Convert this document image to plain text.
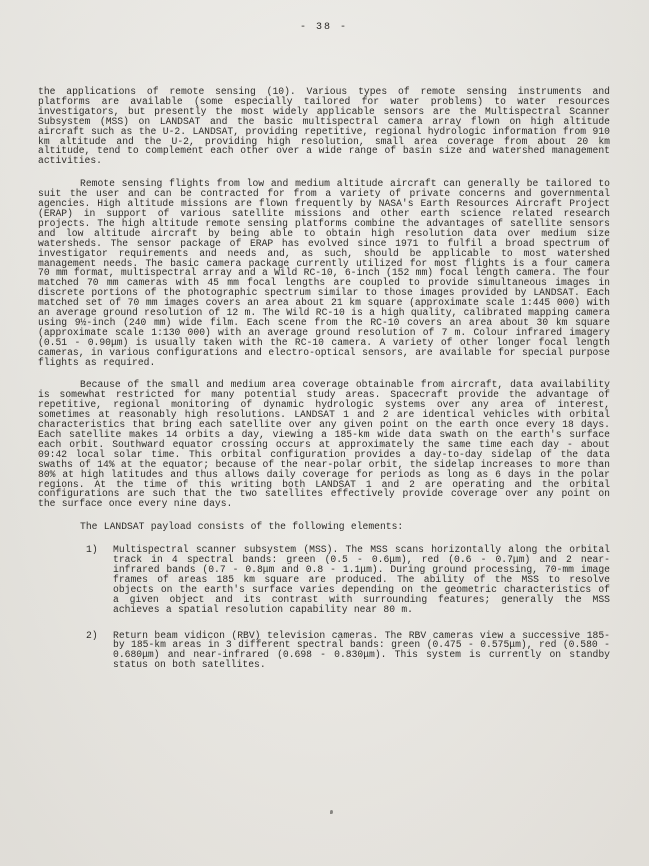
- 38 -

the applications of remote sensing (10). Various types of remote sensing instruments and platforms are available (some especially tailored for water problems) to water resources investigators, but presently the most widely applicable sensors are the Multispectral Scanner Subsystem (MSS) on LANDSAT and the basic multispectral camera array flown on high altitude aircraft such as the U-2. LANDSAT, providing repetitive, regional hydrologic information from 910 km altitude and the U-2, providing high resolution, small area coverage from about 20 km altitude, tend to complement each other over a wide range of basin size and watershed management activities.

Remote sensing flights from low and medium altitude aircraft can generally be tailored to suit the user and can be contracted for from a variety of private concerns and governmental agencies. High altitude missions are flown frequently by NASA's Earth Resources Aircraft Project (ERAP) in support of various satellite missions and other earth science related research projects. The high altitude remote sensing platforms combine the advantages of satellite sensors and low altitude aircraft by being able to obtain high resolution data over medium size watersheds. The sensor package of ERAP has evolved since 1971 to fulfil a broad spectrum of investigator requirements and needs and, as such, should be applicable to most watershed management needs. The basic camera package currently utilized for most flights is a four camera 70 mm format, multispectral array and a Wild RC-10, 6-inch (152 mm) focal length camera. The four matched 70 mm cameras with 45 mm focal lengths are coupled to provide simultaneous images in discrete portions of the photographic spectrum similar to those images provided by LANDSAT. Each matched set of 70 mm images covers an area about 21 km square (approximate scale 1:445 000) with an average ground resolution of 12 m. The Wild RC-10 is a high quality, calibrated mapping camera using 9½-inch (240 mm) wide film. Each scene from the RC-10 covers an area about 30 km square (approximate scale 1:130 000) with an average ground resolution of 7 m. Colour infrared imagery (0.51 - 0.90μm) is usually taken with the RC-10 camera. A variety of other longer focal length cameras, in various configurations and electro-optical sensors, are available for special purpose flights as required.

Because of the small and medium area coverage obtainable from aircraft, data availability is somewhat restricted for many potential study areas. Spacecraft provide the advantage of repetitive, regional monitoring of dynamic hydrologic systems over any area of interest, sometimes at reasonably high resolutions. LANDSAT 1 and 2 are identical vehicles with orbital characteristics that bring each satellite over any given point on the earth once every 18 days. Each satellite makes 14 orbits a day, viewing a 185-km wide data swath on the earth's surface each orbit. Southward equator crossing occurs at approximately the same time each day - about 09:42 local solar time. This orbital configuration provides a day-to-day sidelap of the data swaths of 14% at the equator; because of the near-polar orbit, the sidelap increases to more than 80% at high latitudes and thus allows daily coverage for periods as long as 6 days in the polar regions. At the time of this writing both LANDSAT 1 and 2 are operating and the orbital configurations are such that the two satellites effectively provide coverage over any point on the surface once every nine days.

The LANDSAT payload consists of the following elements:

1)	Multispectral scanner subsystem (MSS). The MSS scans horizontally along the orbital track in 4 spectral bands: green (0.5 - 0.6μm), red (0.6 - 0.7μm) and 2 near-infrared bands (0.7 - 0.8μm and 0.8 - 1.1μm). During ground processing, 70-mm image frames of areas 185 km square are produced. The ability of the MSS to resolve objects on the earth's surface varies depending on the geometric characteristics of a given object and its contrast with surrounding features; generally the MSS achieves a spatial resolution capability near 80 m.
2)	Return beam vidicon (RBV) television cameras. The RBV cameras view a successive 185- by 185-km areas in 3 different spectral bands: green (0.475 - 0.575μm), red (0.580 - 0.680μm) and near-infrared (0.698 - 0.830μm). This system is currently on standby status on both satellites.
